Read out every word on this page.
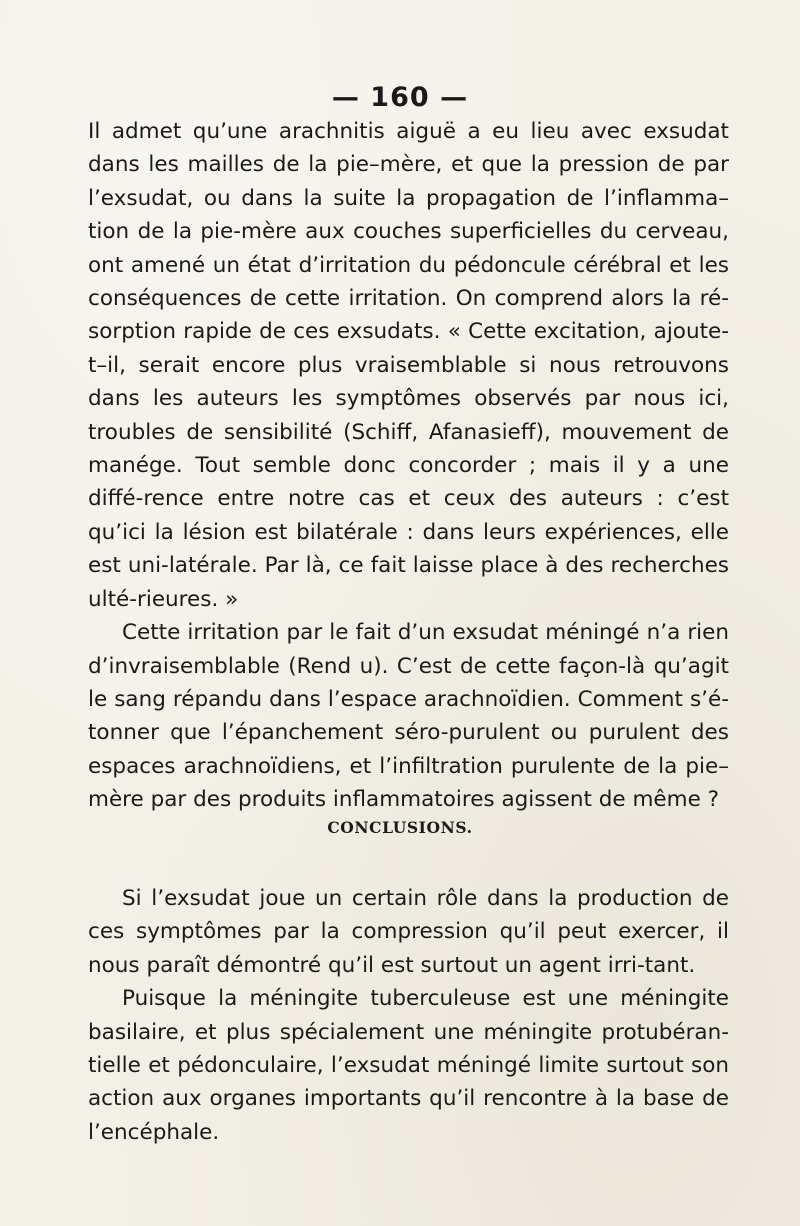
— 160 —

Il admet qu’une arachnitis aiguë a eu lieu avec exsudat dans les mailles de la pie–mère, et que la pression de par l’exsudat, ou dans la suite la propagation de l’inflamma–tion de la pie-mère aux couches superficielles du cerveau, ont amené un état d’irritation du pédoncule cérébral et les conséquences de cette irritation. On comprend alors la ré-sorption rapide de ces exsudats. « Cette excitation, ajoute-t–il, serait encore plus vraisemblable si nous retrouvons dans les auteurs les symptômes observés par nous ici, troubles de sensibilité (Schiff, Afanasieff), mouvement de manége. Tout semble donc concorder ; mais il y a une diffé-rence entre notre cas et ceux des auteurs : c’est qu’ici la lésion est bilatérale : dans leurs expériences, elle est uni-latérale. Par là, ce fait laisse place à des recherches ulté-rieures. »

Cette irritation par le fait d’un exsudat méningé n’a rien d’invraisemblable (Rend u). C’est de cette façon-là qu’agit le sang répandu dans l’espace arachnoïdien. Comment s’é-tonner que l’épanchement séro-purulent ou purulent des espaces arachnoïdiens, et l’infiltration purulente de la pie–mère par des produits inflammatoires agissent de même ?

CONCLUSIONS.

Si l’exsudat joue un certain rôle dans la production de ces symptômes par la compression qu’il peut exercer, il nous paraît démontré qu’il est surtout un agent irri-tant.

Puisque la méningite tuberculeuse est une méningite basilaire, et plus spécialement une méningite protubéran-tielle et pédonculaire, l’exsudat méningé limite surtout son action aux organes importants qu’il rencontre à la base de l’encéphale.
